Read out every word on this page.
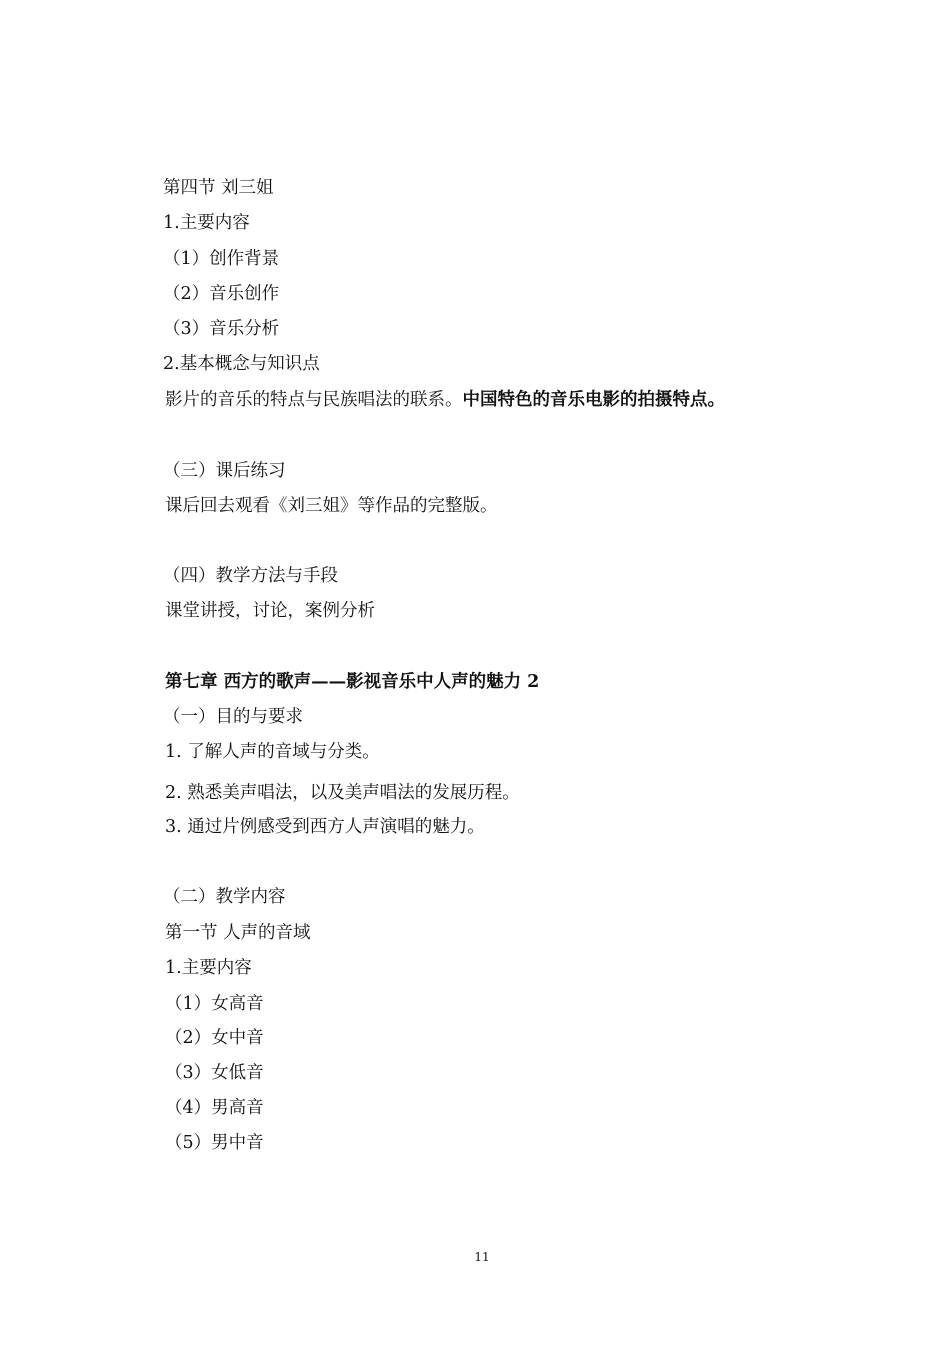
第四节 刘三姐

1.主要内容

（1）创作背景

（2）音乐创作

（3）音乐分析

2.基本概念与知识点

影片的音乐的特点与民族唱法的联系。中国特色的音乐电影的拍摄特点。

（三）课后练习

课后回去观看《刘三姐》等作品的完整版。

（四）教学方法与手段

课堂讲授，讨论，案例分析

第七章 西方的歌声——影视音乐中人声的魅力 2

（一）目的与要求

1. 了解人声的音域与分类。

2. 熟悉美声唱法，以及美声唱法的发展历程。

3. 通过片例感受到西方人声演唱的魅力。

（二）教学内容

第一节 人声的音域

1.主要内容

（1）女高音

（2）女中音

（3）女低音

（4）男高音

（5）男中音

11
